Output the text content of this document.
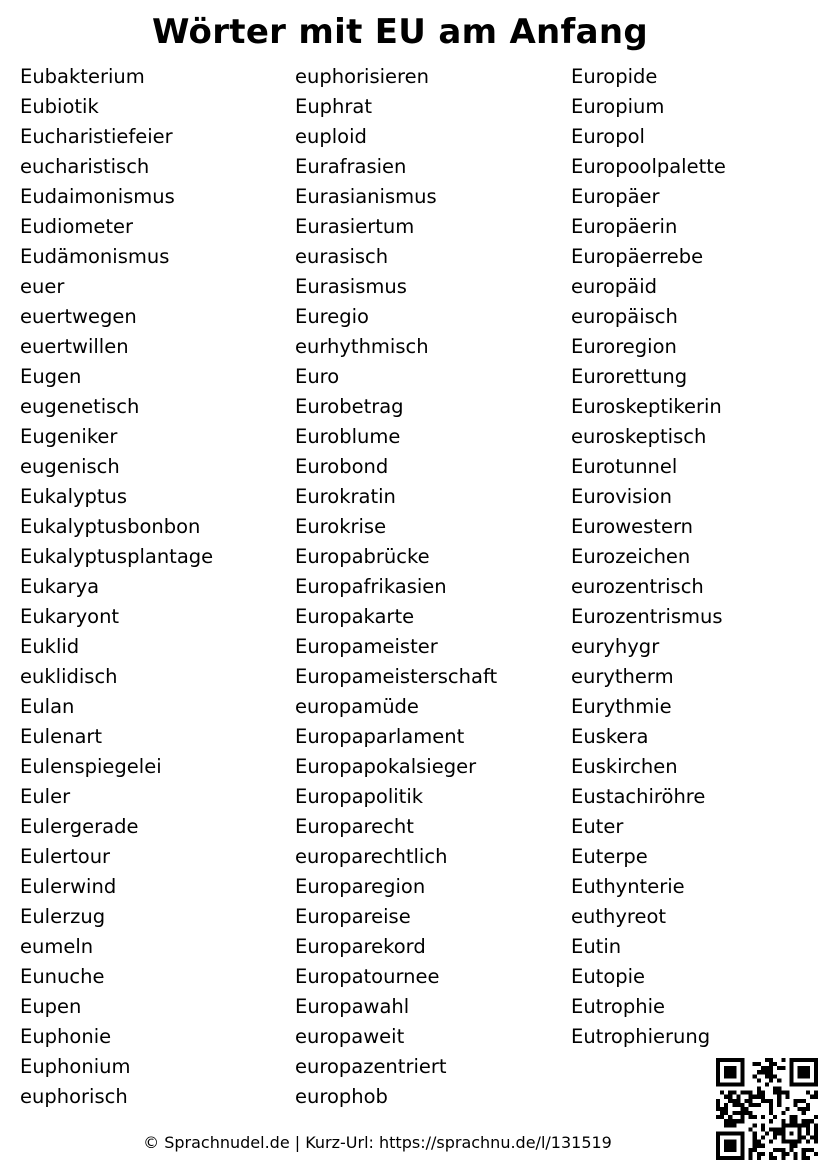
Wörter mit EU am Anfang
Eubakterium
Eubiotik
Eucharistiefeier
eucharistisch
Eudaimonismus
Eudiometer
Eudämonismus
euer
euertwegen
euertwillen
Eugen
eugenetisch
Eugeniker
eugenisch
Eukalyptus
Eukalyptusbonbon
Eukalyptusplantage
Eukarya
Eukaryont
Euklid
euklidisch
Eulan
Eulenart
Eulenspiegelei
Euler
Eulergerade
Eulertour
Eulerwind
Eulerzug
eumeln
Eunuche
Eupen
Euphonie
Euphonium
euphorisch
euphorisieren
Euphrat
euploid
Eurafrasien
Eurasianismus
Eurasiertum
eurasisch
Eurasismus
Euregio
eurhythmisch
Euro
Eurobetrag
Euroblume
Eurobond
Eurokratin
Eurokrise
Europabrücke
Europafrikasien
Europakarte
Europameister
Europameisterschaft
europamüde
Europaparlament
Europapokalsieger
Europapolitik
Europarecht
europarechtlich
Europaregion
Europareise
Europarekord
Europatournee
Europawahl
europaweit
europazentriert
europhob
Europide
Europium
Europol
Europoolpalette
Europäer
Europäerin
Europäerrebe
europäid
europäisch
Euroregion
Eurorettung
Euroskeptikerin
euroskeptisch
Eurotunnel
Eurovision
Eurowestern
Eurozeichen
eurozentrisch
Eurozentrismus
euryhygr
eurytherm
Eurythmie
Euskera
Euskirchen
Eustachiröhre
Euter
Euterpe
Euthynterie
euthyreot
Eutin
Eutopie
Eutrophie
Eutrophierung
© Sprachnudel.de | Kurz-Url: https://sprachnu.de/l/131519
